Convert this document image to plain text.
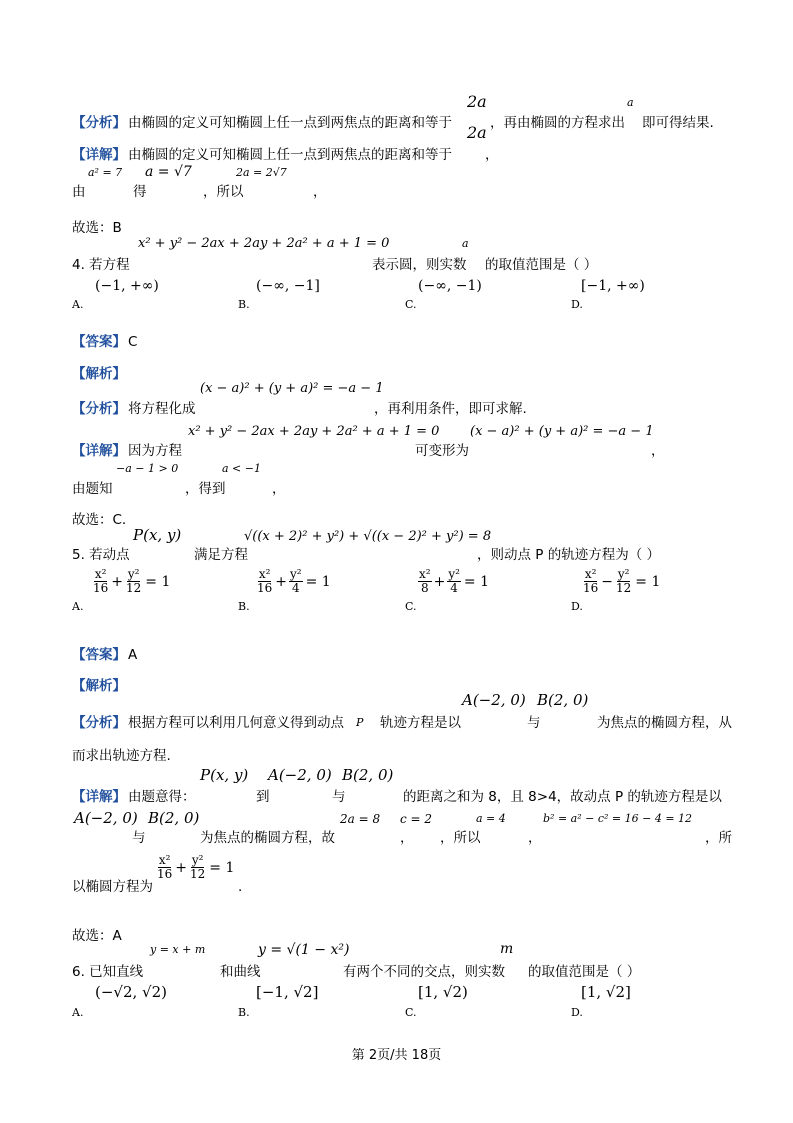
2a
【分析】 由椭圆的定义可知椭圆上任一点到两焦点的距离和等于 2a ，再由椭圆的方程求出
a
即可得结果.
【详解】 由椭圆的定义可知椭圆上任一点到两焦点的距离和等于 ，
a² = 7 a = √7	2a = 2√7
由	得	，所以	，
故选：B
x² + y² − 2ax + 2ay + 2a² + a + 1 = 0	a
4. 若方程	表示圆，则实数 的取值范围是（ ）
(−1, +∞)
A.
(−∞, −1]
B.
(−∞, −1)
C.
[−1, +∞)
D.
【答案】 C
【解析】
(x − a)² + (y + a)² = −a − 1
【分析】 将方程化成	，再利用条件，即可求解.
x² + y² − 2ax + 2ay + 2a² + a + 1 = 0 (x − a)² + (y + a)² = −a − 1
【详解】 因为方程	可变形为	，
−a − 1 > 0	a < −1
由题知	，得到	，
故选：C.
P(x, y)	√((x + 2)² + y²) + √((x − 2)² + y²) = 8
5. 若动点	满足方程	，则动点 P 的轨迹方程为（ ）
$\frac{\text{x²}}{16} + \frac{\text{y²}}{12} = 1$
A.
$\frac{\text{x²}}{16} + \frac{\text{y²}}{4} = 1$
B.
$\frac{\text{x²}}{8} + \frac{\text{y²}}{4} = 1$
C.
$\frac{\text{x²}}{16} - \frac{\text{y²}}{12} = 1$
D.
【答案】 A
【解析】
A(−2, 0) B(2, 0)
【分析】 根据方程可以利用几何意义得到动点 P 轨迹方程是以	与	为焦点的椭圆方程，从
而求出轨迹方程.
P(x, y) A(−2, 0) B(2, 0)
【详解】 由题意得：	到	与	的距离之和为 8，且 8>4，故动点 P 的轨迹方程是以
A(−2, 0) B(2, 0)	2a = 8 c = 2	a = 4	b² = a² − c² = 16 − 4 = 12
与	为焦点的椭圆方程，故	， ，所以	，	，所
以椭圆方程为
$\frac{\text{x²}}{16} + \frac{\text{y²}}{12} = 1$
.
故选：A
y = x + m	y = √(1 − x²)	m
6. 已知直线	和曲线	有两个不同的交点，则实数 的取值范围是（ ）
(−√2, √2)
A.
[−1, √2]
B.
[1, √2)
C.
[1, √2]
D.
第 2页/共 18页
